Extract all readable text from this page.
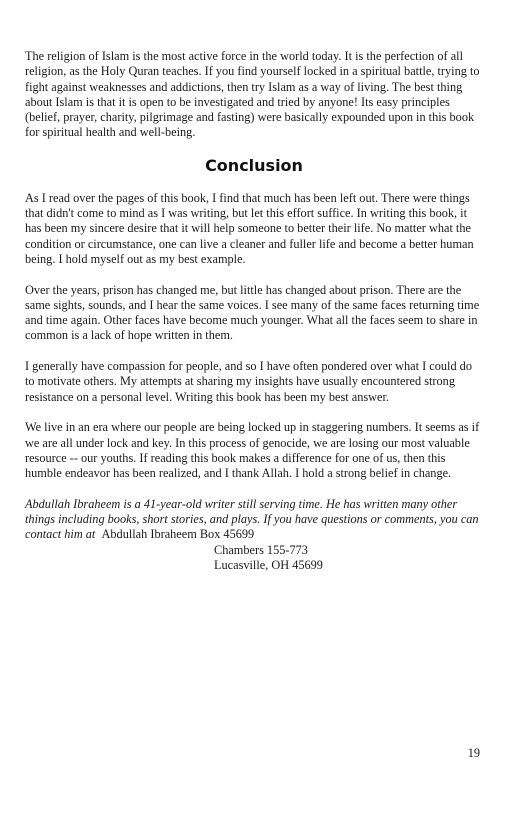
The religion of Islam is the most active force in the world today. It is the perfection of all religion, as the Holy Quran teaches. If you find yourself locked in a spiritual battle, trying to fight against weaknesses and addictions, then try Islam as a way of living. The best thing about Islam is that it is open to be investigated and tried by anyone! Its easy principles (belief, prayer, charity, pilgrimage and fasting) were basically expounded upon in this book for spiritual health and well-being.

Conclusion

As I read over the pages of this book, I find that much has been left out. There were things that didn't come to mind as I was writing, but let this effort suffice. In writing this book, it has been my sincere desire that it will help someone to better their life. No matter what the condition or circumstance, one can live a cleaner and fuller life and become a better human being. I hold myself out as my best example.

Over the years, prison has changed me, but little has changed about prison. There are the same sights, sounds, and I hear the same voices. I see many of the same faces returning time and time again. Other faces have become much younger. What all the faces seem to share in common is a lack of hope written in them.

I generally have compassion for people, and so I have often pondered over what I could do to motivate others. My attempts at sharing my insights have usually encountered strong resistance on a personal level. Writing this book has been my best answer.

We live in an era where our people are being locked up in staggering numbers. It seems as if we are all under lock and key. In this process of genocide, we are losing our most valuable resource -- our youths. If reading this book makes a difference for one of us, then this humble endeavor has been realized, and I thank Allah. I hold a strong belief in change.

Abdullah Ibraheem is a 41-year-old writer still serving time. He has written many other things including books, short stories, and plays. If you have questions or comments, you can contact him at Abdullah Ibraheem Box 45699

Chambers 155-773

Lucasville, OH 45699

19
